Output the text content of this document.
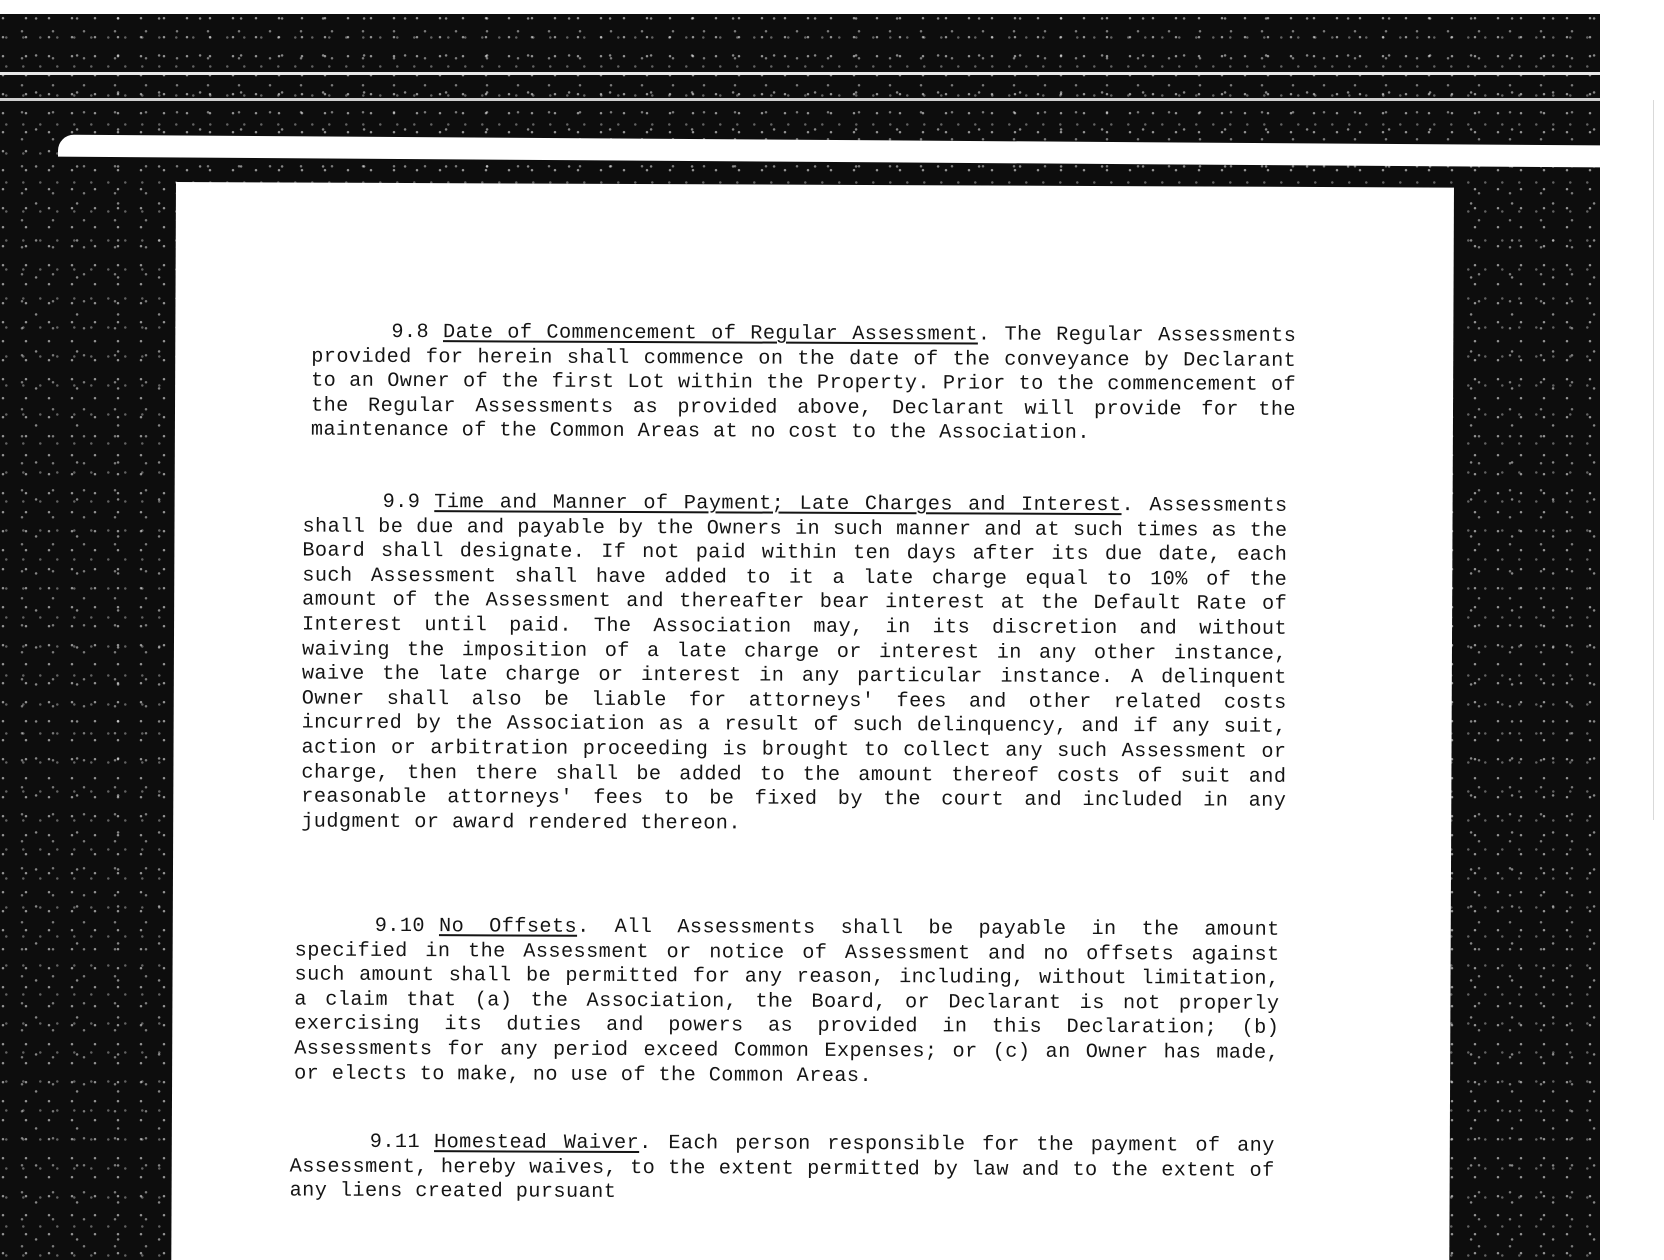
9.8 Date of Commencement of Regular Assessment. The Regular Assessments provided for herein shall commence on the date of the conveyance by Declarant to an Owner of the first Lot within the Property. Prior to the commencement of the Regular Assessments as provided above, Declarant will provide for the maintenance of the Common Areas at no cost to the Association.

9.9 Time and Manner of Payment; Late Charges and Interest. Assessments shall be due and payable by the Owners in such manner and at such times as the Board shall designate. If not paid within ten days after its due date, each such Assessment shall have added to it a late charge equal to 10% of the amount of the Assessment and thereafter bear interest at the Default Rate of Interest until paid. The Association may, in its discretion and without waiving the imposition of a late charge or interest in any other instance, waive the late charge or interest in any particular instance. A delinquent Owner shall also be liable for attorneys' fees and other related costs incurred by the Association as a result of such delinquency, and if any suit, action or arbitration proceeding is brought to collect any such Assessment or charge, then there shall be added to the amount thereof costs of suit and reasonable attorneys' fees to be fixed by the court and included in any judgment or award rendered thereon.

9.10 No Offsets. All Assessments shall be payable in the amount specified in the Assessment or notice of Assessment and no offsets against such amount shall be permitted for any reason, including, without limitation, a claim that (a) the Association, the Board, or Declarant is not properly exercising its duties and powers as provided in this Declaration; (b) Assessments for any period exceed Common Expenses; or (c) an Owner has made, or elects to make, no use of the Common Areas.

9.11 Homestead Waiver. Each person responsible for the payment of any Assessment, hereby waives, to the extent permitted by law and to the extent of any liens created pursuant
